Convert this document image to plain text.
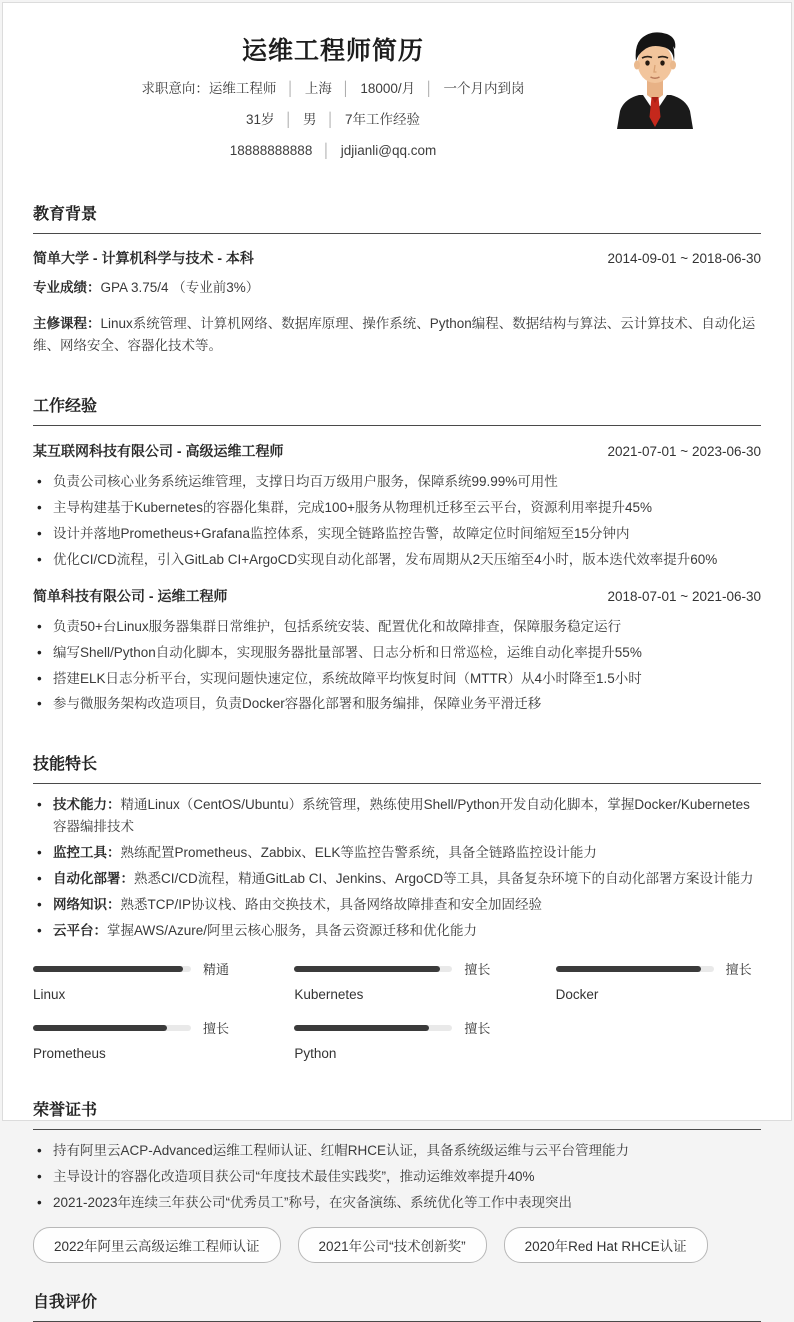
运维工程师简历
求职意向：运维工程师 │ 上海 │ 18000/月 │ 一个月内到岗
31岁 │ 男 │ 7年工作经验
18888888888 │ jdjianli@qq.com
教育背景
简单大学 - 计算机科学与技术 - 本科	2014-09-01 ~ 2018-06-30

专业成绩：GPA 3.75/4 （专业前3%）

主修课程：Linux系统管理、计算机网络、数据库原理、操作系统、Python编程、数据结构与算法、云计算技术、自动化运维、网络安全、容器化技术等。

工作经验
某互联网科技有限公司 - 高级运维工程师	2021-07-01 ~ 2023-06-30
• 负责公司核心业务系统运维管理，支撑日均百万级用户服务，保障系统99.99%可用性
• 主导构建基于Kubernetes的容器化集群，完成100+服务从物理机迁移至云平台，资源利用率提升45%
• 设计并落地Prometheus+Grafana监控体系，实现全链路监控告警，故障定位时间缩短至15分钟内
• 优化CI/CD流程，引入GitLab CI+ArgoCD实现自动化部署，发布周期从2天压缩至4小时，版本迭代效率提升60%
简单科技有限公司 - 运维工程师	2018-07-01 ~ 2021-06-30
• 负责50+台Linux服务器集群日常维护，包括系统安装、配置优化和故障排查，保障服务稳定运行
• 编写Shell/Python自动化脚本，实现服务器批量部署、日志分析和日常巡检，运维自动化率提升55%
• 搭建ELK日志分析平台，实现问题快速定位，系统故障平均恢复时间（MTTR）从4小时降至1.5小时
• 参与微服务架构改造项目，负责Docker容器化部署和服务编排，保障业务平滑迁移
技能特长
• 技术能力：精通Linux（CentOS/Ubuntu）系统管理，熟练使用Shell/Python开发自动化脚本，掌握Docker/Kubernetes容器编排技术
• 监控工具：熟练配置Prometheus、Zabbix、ELK等监控告警系统，具备全链路监控设计能力
• 自动化部署：熟悉CI/CD流程，精通GitLab CI、Jenkins、ArgoCD等工具，具备复杂环境下的自动化部署方案设计能力
• 网络知识：熟悉TCP/IP协议栈、路由交换技术，具备网络故障排查和安全加固经验
• 云平台：掌握AWS/Azure/阿里云核心服务，具备云资源迁移和优化能力
精通
Linux
擅长
Kubernetes
擅长
Docker
擅长
Prometheus
擅长
Python
荣誉证书
• 持有阿里云ACP-Advanced运维工程师认证、红帽RHCE认证，具备系统级运维与云平台管理能力
• 主导设计的容器化改造项目获公司“年度技术最佳实践奖”，推动运维效率提升40%
• 2021-2023年连续三年获公司“优秀员工”称号，在灾备演练、系统优化等工作中表现突出
2022年阿里云高级运维工程师认证	2021年公司“技术创新奖”	2020年Red Hat RHCE认证
自我评价
